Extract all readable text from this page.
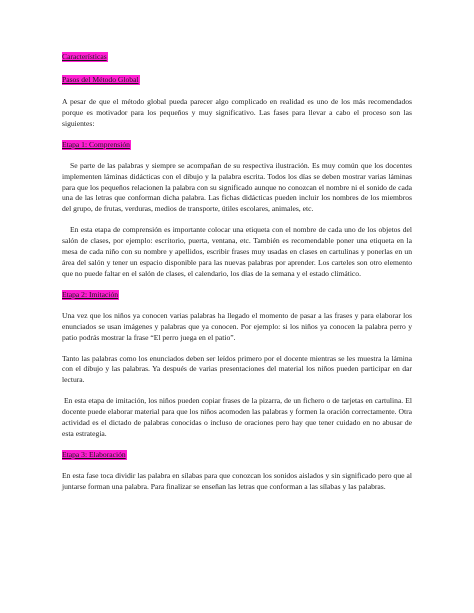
Características
Pasos del Método Global

A pesar de que el método global pueda parecer algo complicado en realidad es uno de los más recomendados porque es motivador para los pequeños y muy significativo. Las fases para llevar a cabo el proceso son las siguientes:

Etapa 1: Comprensión

Se parte de las palabras y siempre se acompañan de su respectiva ilustración. Es muy común que los docentes implementen láminas didácticas con el dibujo y la palabra escrita. Todos los días se deben mostrar varias láminas para que los pequeños relacionen la palabra con su significado aunque no conozcan el nombre ni el sonido de cada una de las letras que conforman dicha palabra. Las fichas didácticas pueden incluir los nombres de los miembros del grupo, de frutas, verduras, medios de transporte, útiles escolares, animales, etc.

En esta etapa de comprensión es importante colocar una etiqueta con el nombre de cada uno de los objetos del salón de clases, por ejemplo: escritorio, puerta, ventana, etc. También es recomendable poner una etiqueta en la mesa de cada niño con su nombre y apellidos, escribir frases muy usadas en clases en cartulinas y ponerlas en un área del salón y tener un espacio disponible para las nuevas palabras por aprender. Los carteles son otro elemento que no puede faltar en el salón de clases, el calendario, los días de la semana y el estado climático.

Etapa 2: Imitación

Una vez que los niños ya conocen varias palabras ha llegado el momento de pasar a las frases y para elaborar los enunciados se usan imágenes y palabras que ya conocen. Por ejemplo: si los niños ya conocen la palabra perro y patio podrás mostrar la frase “El perro juega en el patio”.

Tanto las palabras como los enunciados deben ser leídos primero por el docente mientras se les muestra la lámina con el dibujo y las palabras. Ya después de varias presentaciones del material los niños pueden participar en dar lectura.

En esta etapa de imitación, los niños pueden copiar frases de la pizarra, de un fichero o de tarjetas en cartulina. El docente puede elaborar material para que los niños acomoden las palabras y formen la oración correctamente. Otra actividad es el dictado de palabras conocidas o incluso de oraciones pero hay que tener cuidado en no abusar de esta estrategia.

Etapa 3: Elaboración

En esta fase toca dividir las palabra en sílabas para que conozcan los sonidos aislados y sin significado pero que al juntarse forman una palabra. Para finalizar se enseñan las letras que conforman a las sílabas y las palabras.
